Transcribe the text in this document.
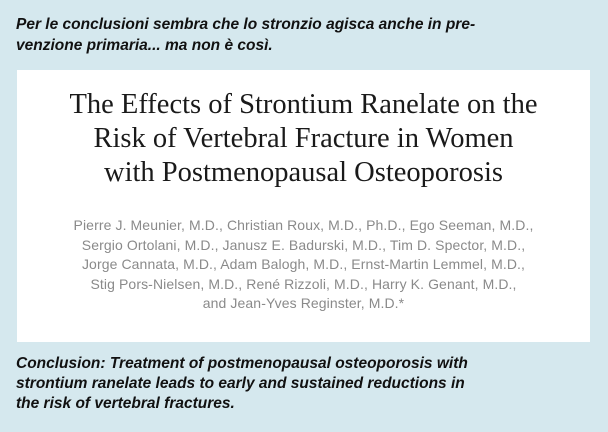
Per le conclusioni sembra che lo stronzio agisca anche in pre-
venzione primaria... ma non è così.
The Effects of Strontium Ranelate on the
Risk of Vertebral Fracture in Women
with Postmenopausal Osteoporosis
Pierre J. Meunier, M.D., Christian Roux, M.D., Ph.D., Ego Seeman, M.D.,
Sergio Ortolani, M.D., Janusz E. Badurski, M.D., Tim D. Spector, M.D.,
Jorge Cannata, M.D., Adam Balogh, M.D., Ernst-Martin Lemmel, M.D.,
Stig Pors-Nielsen, M.D., René Rizzoli, M.D., Harry K. Genant, M.D.,
and Jean-Yves Reginster, M.D.*
Conclusion: Treatment of postmenopausal osteoporosis with
strontium ranelate leads to early and sustained reductions in
the risk of vertebral fractures.
